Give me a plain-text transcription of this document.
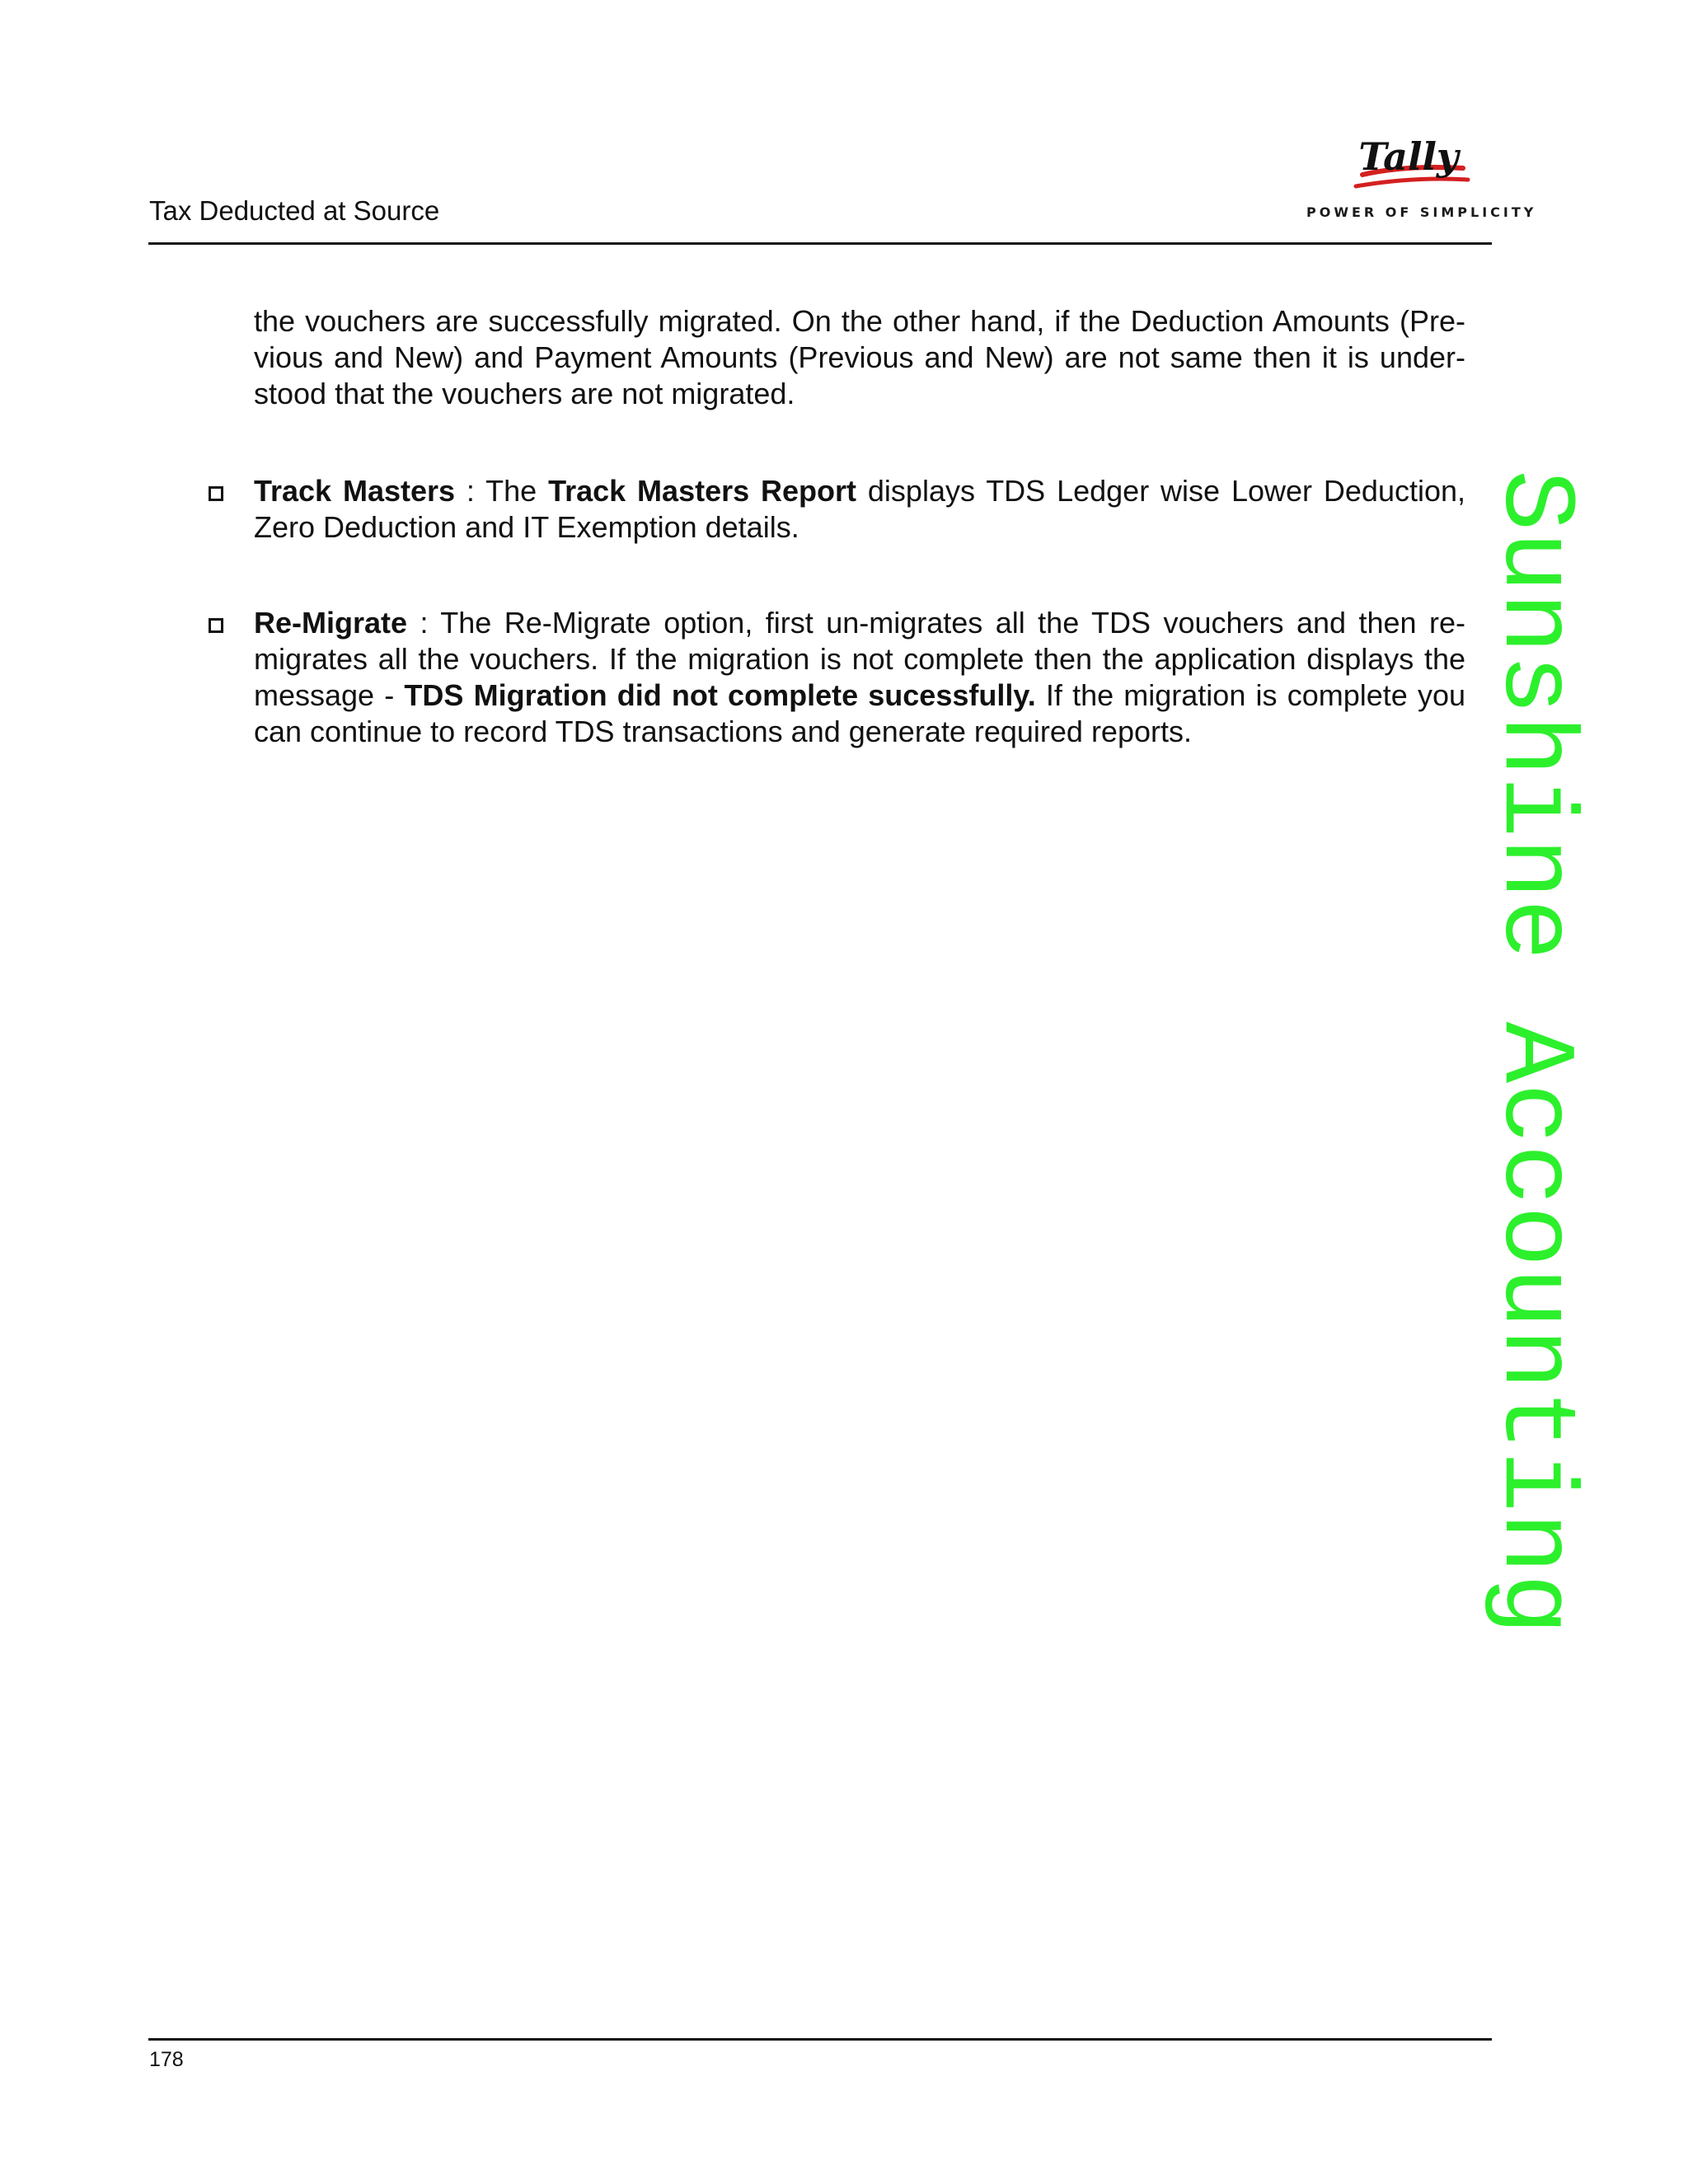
Tax Deducted at Source
Tally
POWER OF SIMPLICITY
the vouchers are successfully migrated. On the other hand, if the Deduction Amounts (Previous and New) and Payment Amounts (Previous and New) are not same then it is understood that the vouchers are not migrated.
Track Masters : The Track Masters Report displays TDS Ledger wise Lower Deduction, Zero Deduction and IT Exemption details.
Re-Migrate : The Re-Migrate option, first un-migrates all the TDS vouchers and then re-migrates all the vouchers. If the migration is not complete then the application displays the message - TDS Migration did not complete sucessfully. If the migration is complete you can continue to record TDS transactions and generate required reports.	Sunshine Accounting
178
